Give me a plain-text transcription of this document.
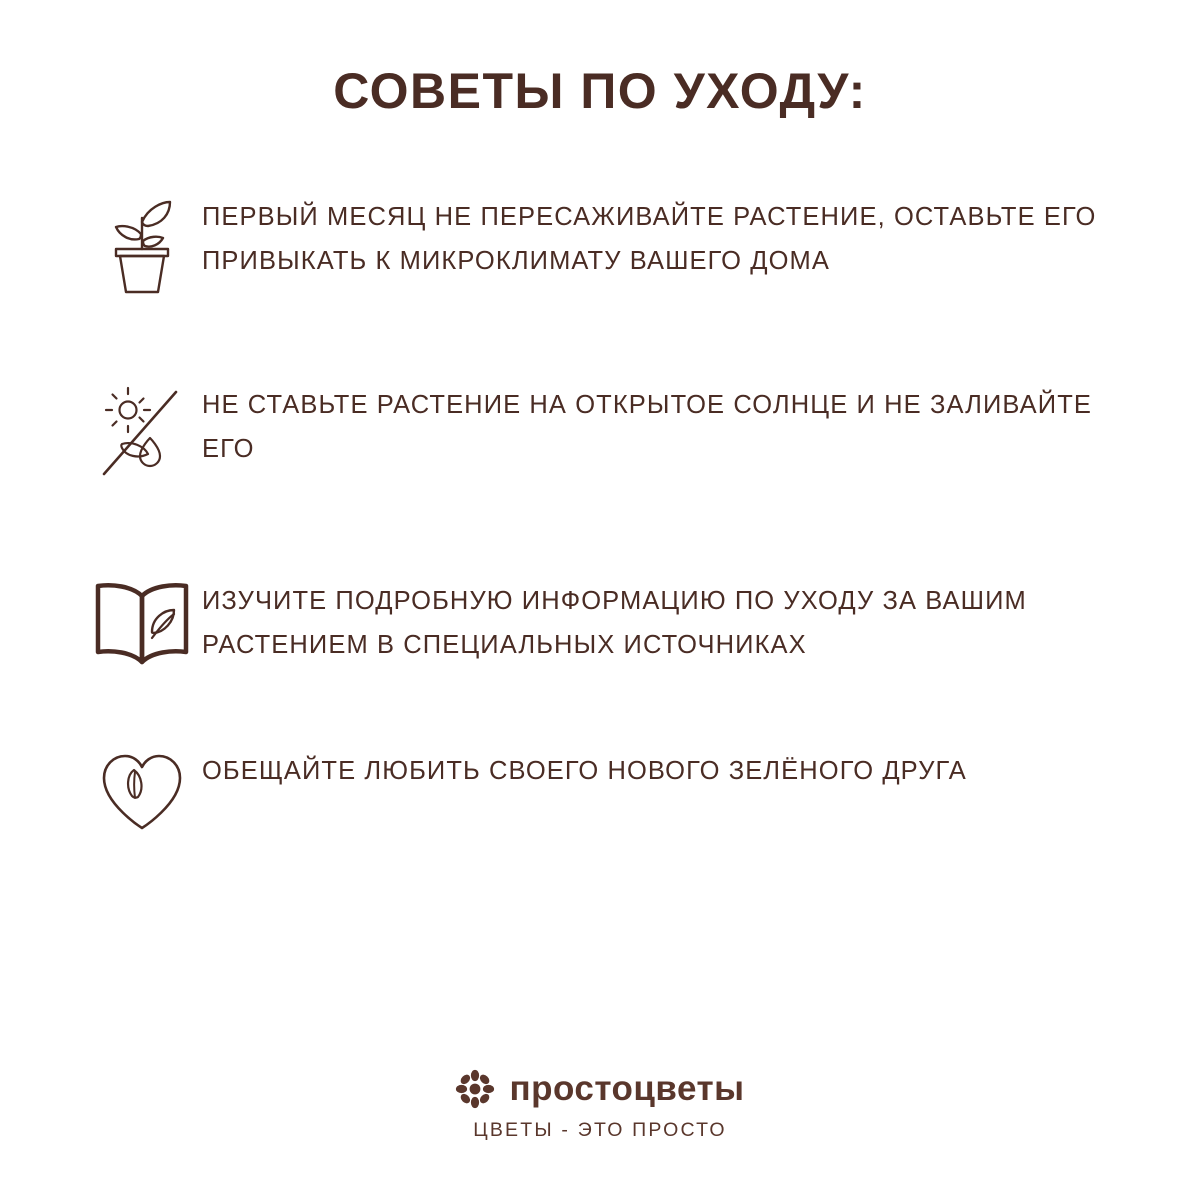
СОВЕТЫ ПО УХОДУ:
ПЕРВЫЙ МЕСЯЦ НЕ ПЕРЕСАЖИВАЙТЕ РАСТЕНИЕ, ОСТАВЬТЕ ЕГО ПРИВЫКАТЬ К МИКРОКЛИМАТУ ВАШЕГО ДОМА
НЕ СТАВЬТЕ РАСТЕНИЕ НА ОТКРЫТОЕ СОЛНЦЕ И НЕ ЗАЛИВАЙТЕ ЕГО
ИЗУЧИТЕ ПОДРОБНУЮ ИНФОРМАЦИЮ ПО УХОДУ ЗА ВАШИМ РАСТЕНИЕМ В СПЕЦИАЛЬНЫХ ИСТОЧНИКАХ
ОБЕЩАЙТЕ ЛЮБИТЬ СВОЕГО НОВОГО ЗЕЛЁНОГО ДРУГА
простоцветы
ЦВЕТЫ - ЭТО ПРОСТО
